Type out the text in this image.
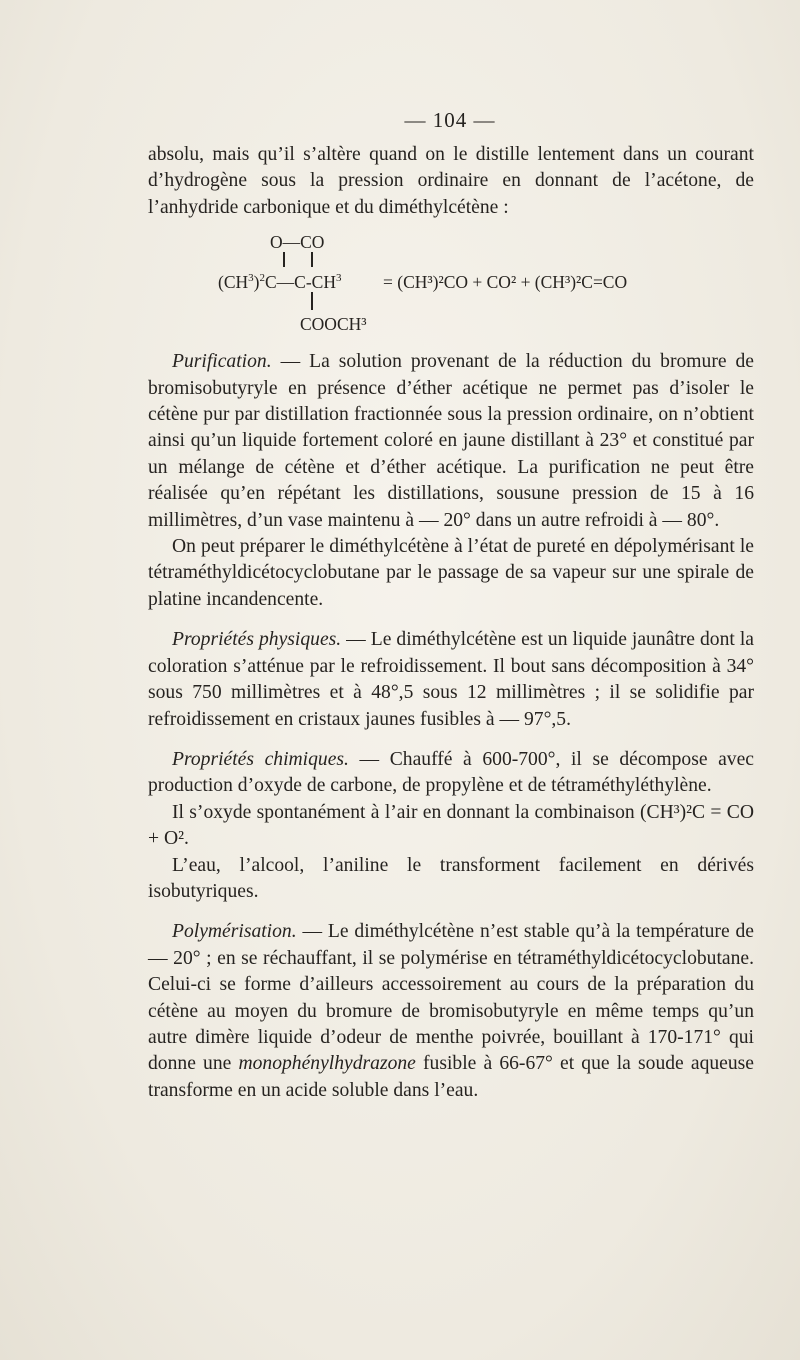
— 104 —

absolu, mais qu’il s’altère quand on le distille lentement dans un courant d’hydrogène sous la pression ordinaire en donnant de l’acétone, de l’anhydride carbonique et du diméthylcétène :

O—CO
$(CH^3)^2C—C-CH^3 = (CH^3)^2CO + CO^2 + (CH^3)^2C=CO$
COOCH³

Purification. — La solution provenant de la réduction du bromure de bromisobutyryle en présence d’éther acétique ne permet pas d’isoler le cétène pur par distillation fractionnée sous la pression ordinaire, on n’obtient ainsi qu’un liquide fortement coloré en jaune distillant à 23° et constitué par un mélange de cétène et d’éther acétique. La purification ne peut être réalisée qu’en répétant les distillations, sousune pression de 15 à 16 millimètres, d’un vase maintenu à — 20° dans un autre refroidi à — 80°.

On peut préparer le diméthylcétène à l’état de pureté en dépolymérisant le tétraméthyldicétocyclobutane par le passage de sa vapeur sur une spirale de platine incandencente.

Propriétés physiques. — Le diméthylcétène est un liquide jaunâtre dont la coloration s’atténue par le refroidissement. Il bout sans décomposition à 34° sous 750 millimètres et à 48°,5 sous 12 millimètres ; il se solidifie par refroidissement en cristaux jaunes fusibles à — 97°,5.

Propriétés chimiques. — Chauffé à 600-700°, il se décompose avec production d’oxyde de carbone, de propylène et de tétraméthyléthylène.

Il s’oxyde spontanément à l’air en donnant la combinaison (CH³)²C = CO + O².

L’eau, l’alcool, l’aniline le transforment facilement en dérivés isobutyriques.

Polymérisation. — Le diméthylcétène n’est stable qu’à la température de — 20° ; en se réchauffant, il se polymérise en tétraméthyldicétocyclobutane. Celui-ci se forme d’ailleurs accessoirement au cours de la préparation du cétène au moyen du bromure de bromisobutyryle en même temps qu’un autre dimère liquide d’odeur de menthe poivrée, bouillant à 170-171° qui donne une monophénylhydrazone fusible à 66-67° et que la soude aqueuse transforme en un acide soluble dans l’eau.
